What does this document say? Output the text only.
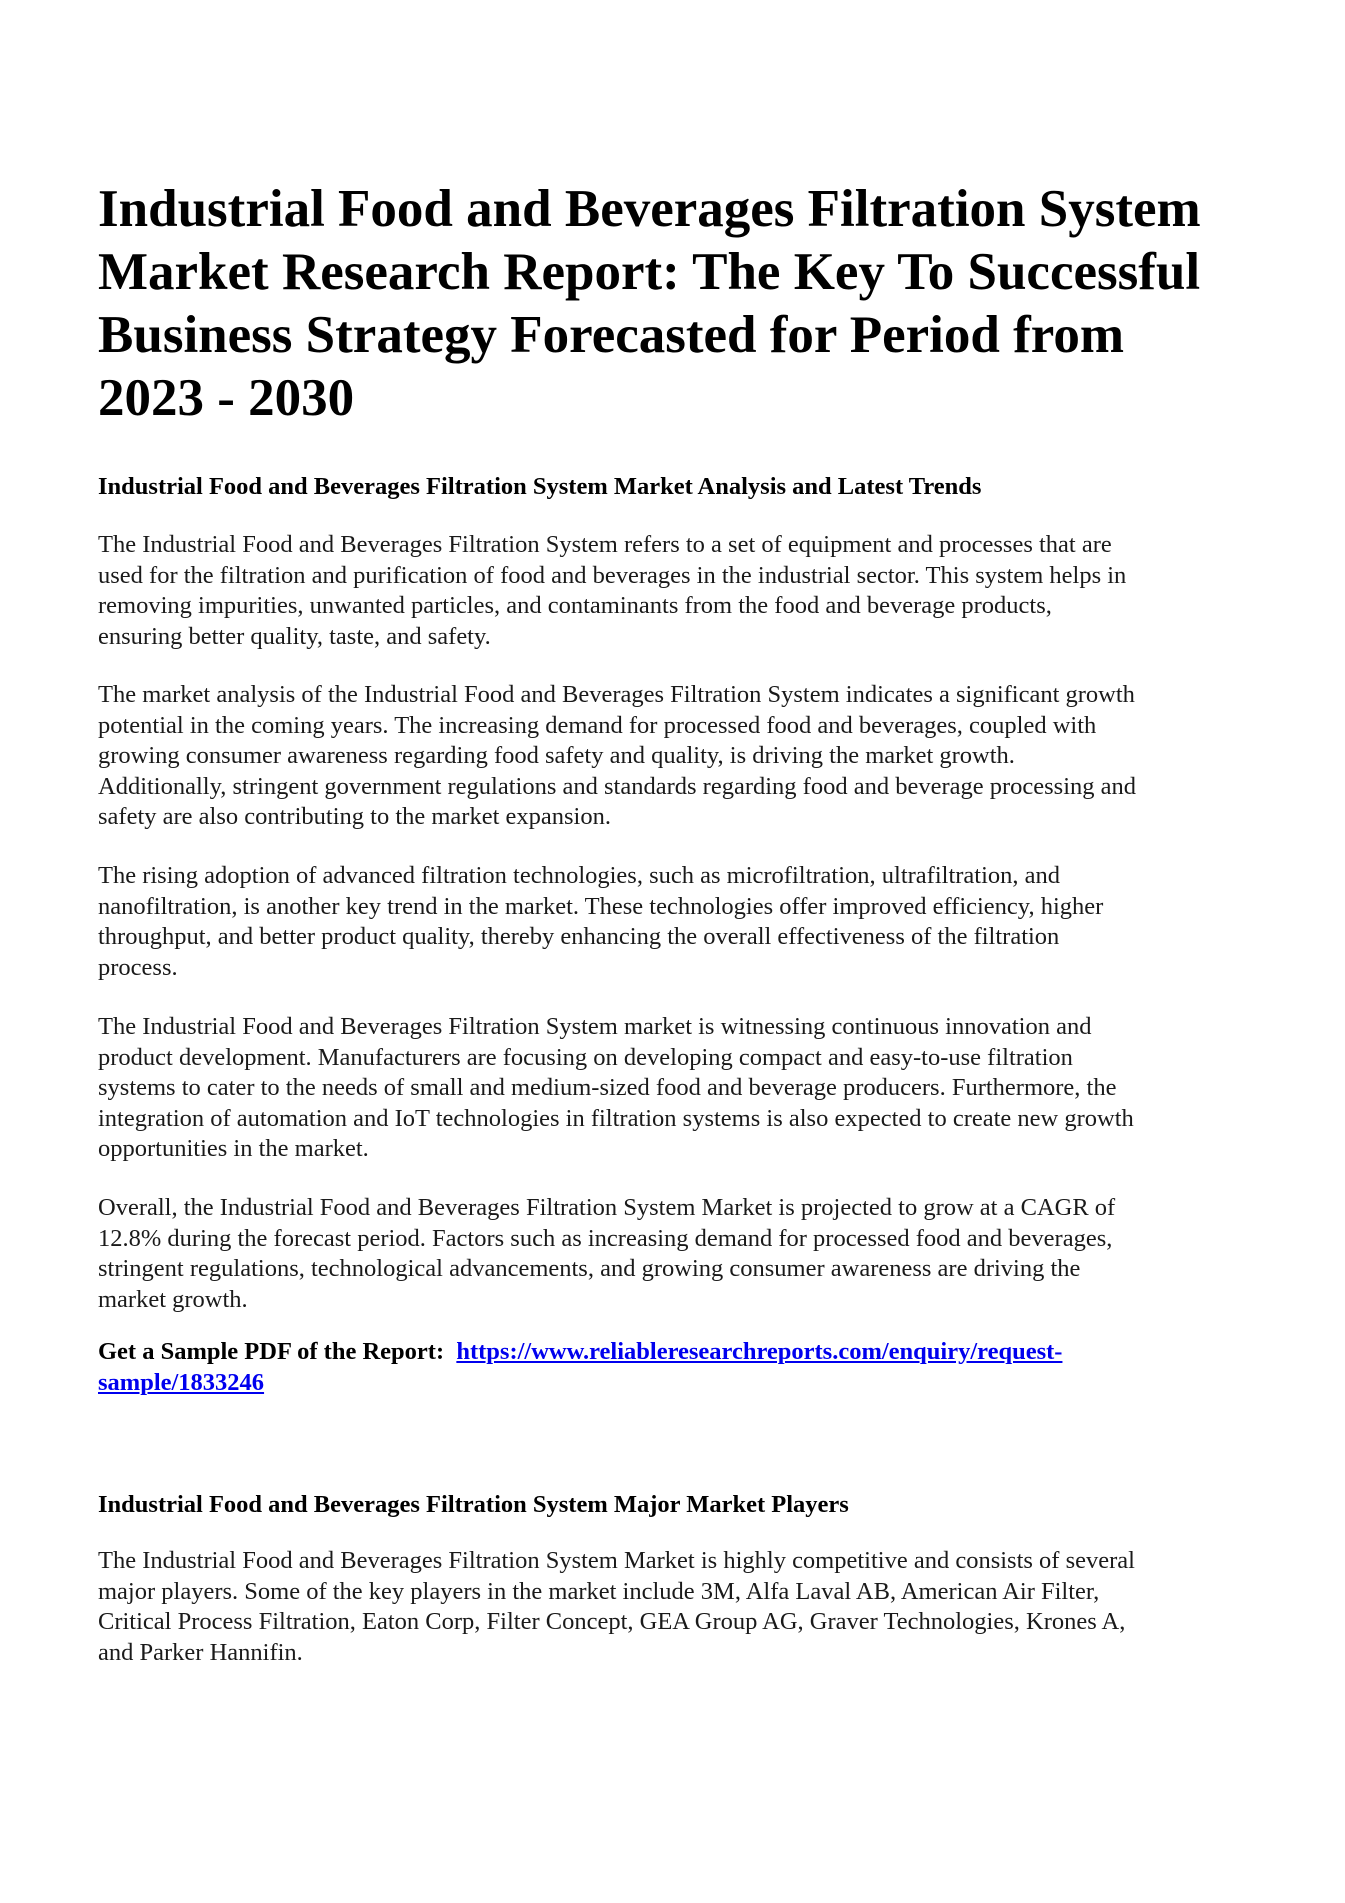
Industrial Food and Beverages Filtration System
Market Research Report: The Key To Successful
Business Strategy Forecasted for Period from
2023 - 2030
Industrial Food and Beverages Filtration System Market Analysis and Latest Trends

The Industrial Food and Beverages Filtration System refers to a set of equipment and processes that are
used for the filtration and purification of food and beverages in the industrial sector. This system helps in
removing impurities, unwanted particles, and contaminants from the food and beverage products,
ensuring better quality, taste, and safety.

The market analysis of the Industrial Food and Beverages Filtration System indicates a significant growth
potential in the coming years. The increasing demand for processed food and beverages, coupled with
growing consumer awareness regarding food safety and quality, is driving the market growth.
Additionally, stringent government regulations and standards regarding food and beverage processing and
safety are also contributing to the market expansion.

The rising adoption of advanced filtration technologies, such as microfiltration, ultrafiltration, and
nanofiltration, is another key trend in the market. These technologies offer improved efficiency, higher
throughput, and better product quality, thereby enhancing the overall effectiveness of the filtration
process.

The Industrial Food and Beverages Filtration System market is witnessing continuous innovation and
product development. Manufacturers are focusing on developing compact and easy-to-use filtration
systems to cater to the needs of small and medium-sized food and beverage producers. Furthermore, the
integration of automation and IoT technologies in filtration systems is also expected to create new growth
opportunities in the market.

Overall, the Industrial Food and Beverages Filtration System Market is projected to grow at a CAGR of
12.8% during the forecast period. Factors such as increasing demand for processed food and beverages,
stringent regulations, technological advancements, and growing consumer awareness are driving the
market growth.

Get a Sample PDF of the Report: https://www.reliableresearchreports.com/enquiry/request-
sample/1833246
Industrial Food and Beverages Filtration System Major Market Players

The Industrial Food and Beverages Filtration System Market is highly competitive and consists of several
major players. Some of the key players in the market include 3M, Alfa Laval AB, American Air Filter,
Critical Process Filtration, Eaton Corp, Filter Concept, GEA Group AG, Graver Technologies, Krones A,
and Parker Hannifin.
